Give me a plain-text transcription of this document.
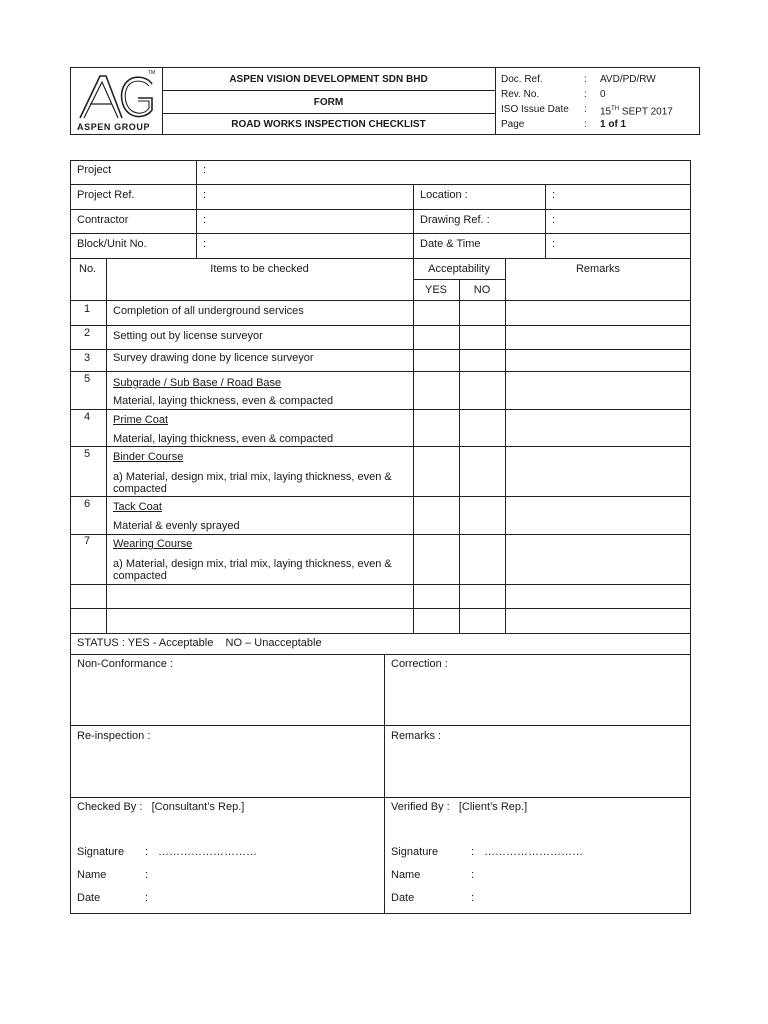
TM
ASPEN GROUP
ASPEN VISION DEVELOPMENT SDN BHD
FORM
ROAD WORKS INSPECTION CHECKLIST
Doc. Ref.	: AVD/PD/RW
Rev. No.	: 0
ISO Issue Date : 15TH SEPT 2017
Page	: 1 of 1
Project	:
Project Ref.	:	Location :	:
Contractor	:	Drawing Ref. :	:
Block/Unit No.	:	Date & Time	:
No.	Items to be checked	Acceptability	Remarks
YES	NO
1 Completion of all underground services
2 Setting out by license surveyor
3 Survey drawing done by licence surveyor
5 Subgrade / Sub Base / Road Base
Material, laying thickness, even & compacted
4 Prime Coat
Material, laying thickness, even & compacted
5 Binder Course
a) Material, design mix, trial mix, laying thickness, even & compacted
6 Tack Coat
Material & evenly sprayed
7 Wearing Course
a) Material, design mix, trial mix, laying thickness, even & compacted
STATUS : YES - Acceptable    NO – Unacceptable
Non-Conformance :	Correction :
Re-inspection :	Remarks :
Checked By :   [Consultant’s Rep.]	Verified By :   [Client’s Rep.]
Signature : ………………………
Name	:
Date	:
Signature	: ………………………
Name	:
Date	:
